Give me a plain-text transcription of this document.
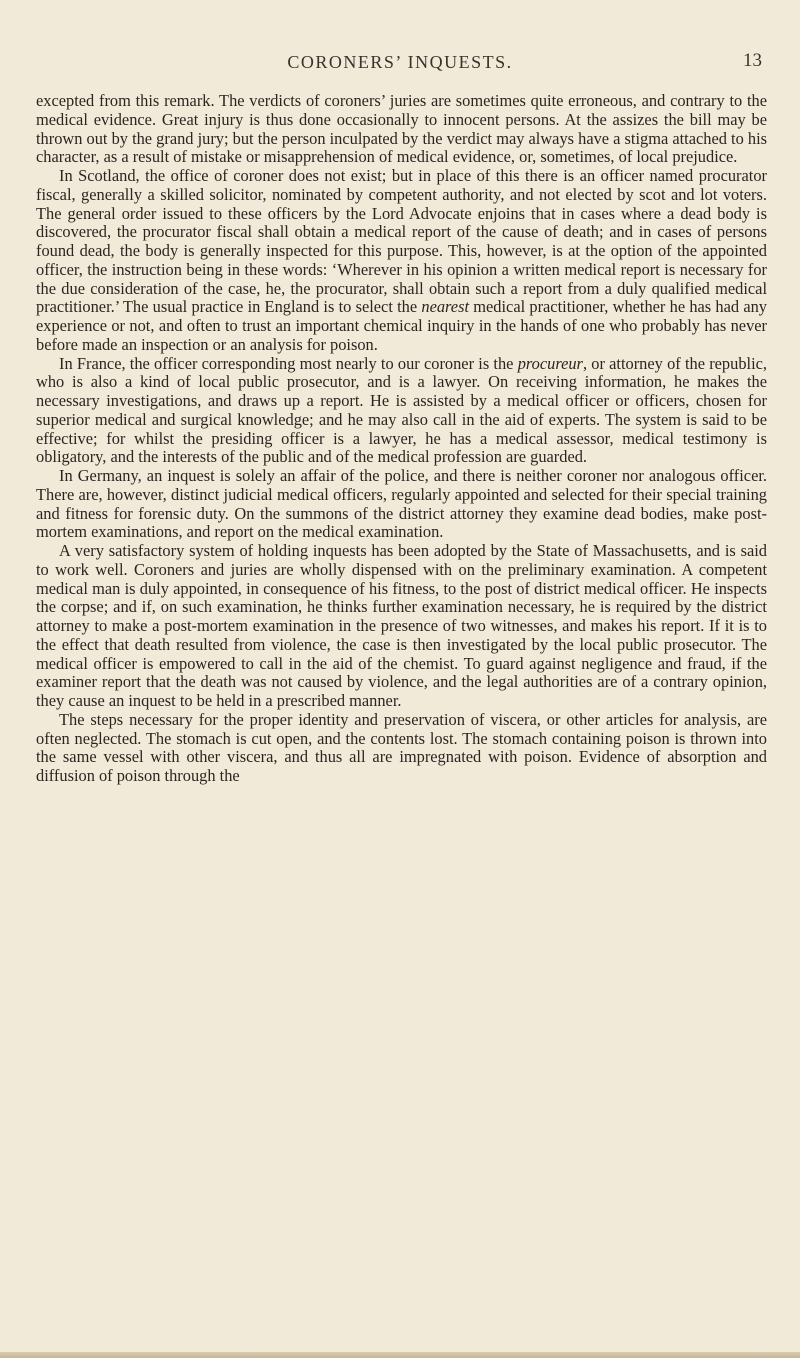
CORONERS’ INQUESTS.	13

excepted from this remark. The verdicts of coroners’ juries are sometimes quite erroneous, and contrary to the medical evidence. Great injury is thus done occasionally to innocent persons. At the assizes the bill may be thrown out by the grand jury; but the person inculpated by the verdict may always have a stigma attached to his character, as a result of mistake or misapprehension of medical evidence, or, sometimes, of local prejudice.

In Scotland, the office of coroner does not exist; but in place of this there is an officer named procurator fiscal, generally a skilled solicitor, nominated by competent authority, and not elected by scot and lot voters. The general order issued to these officers by the Lord Advocate enjoins that in cases where a dead body is discovered, the procurator fiscal shall obtain a medical report of the cause of death; and in cases of persons found dead, the body is generally inspected for this purpose. This, however, is at the option of the appointed officer, the instruction being in these words: ‘Wherever in his opinion a written medical report is necessary for the due consideration of the case, he, the procurator, shall obtain such a report from a duly qualified medical practitioner.’ The usual practice in England is to select the nearest medical practitioner, whether he has had any experience or not, and often to trust an important chemical inquiry in the hands of one who probably has never before made an inspection or an analysis for poison.

In France, the officer corresponding most nearly to our coroner is the procureur, or attorney of the republic, who is also a kind of local public prosecutor, and is a lawyer. On receiving information, he makes the necessary investigations, and draws up a report. He is assisted by a medical officer or officers, chosen for superior medical and surgical knowledge; and he may also call in the aid of experts. The system is said to be effective; for whilst the presiding officer is a lawyer, he has a medical assessor, medical testimony is obligatory, and the interests of the public and of the medical profession are guarded.

In Germany, an inquest is solely an affair of the police, and there is neither coroner nor analogous officer. There are, however, distinct judicial medical officers, regularly appointed and selected for their special training and fitness for forensic duty. On the summons of the district attorney they examine dead bodies, make post-mortem examinations, and report on the medical examination.

A very satisfactory system of holding inquests has been adopted by the State of Massachusetts, and is said to work well. Coroners and juries are wholly dispensed with on the preliminary examination. A competent medical man is duly appointed, in consequence of his fitness, to the post of district medical officer. He inspects the corpse; and if, on such examination, he thinks further examination necessary, he is required by the district attorney to make a post-mortem examination in the presence of two witnesses, and makes his report. If it is to the effect that death resulted from violence, the case is then investigated by the local public prosecutor. The medical officer is empowered to call in the aid of the chemist. To guard against negligence and fraud, if the examiner report that the death was not caused by violence, and the legal authorities are of a contrary opinion, they cause an inquest to be held in a prescribed manner.

The steps necessary for the proper identity and preservation of viscera, or other articles for analysis, are often neglected. The stomach is cut open, and the contents lost. The stomach containing poison is thrown into the same vessel with other viscera, and thus all are impregnated with poison. Evidence of absorption and diffusion of poison through the
